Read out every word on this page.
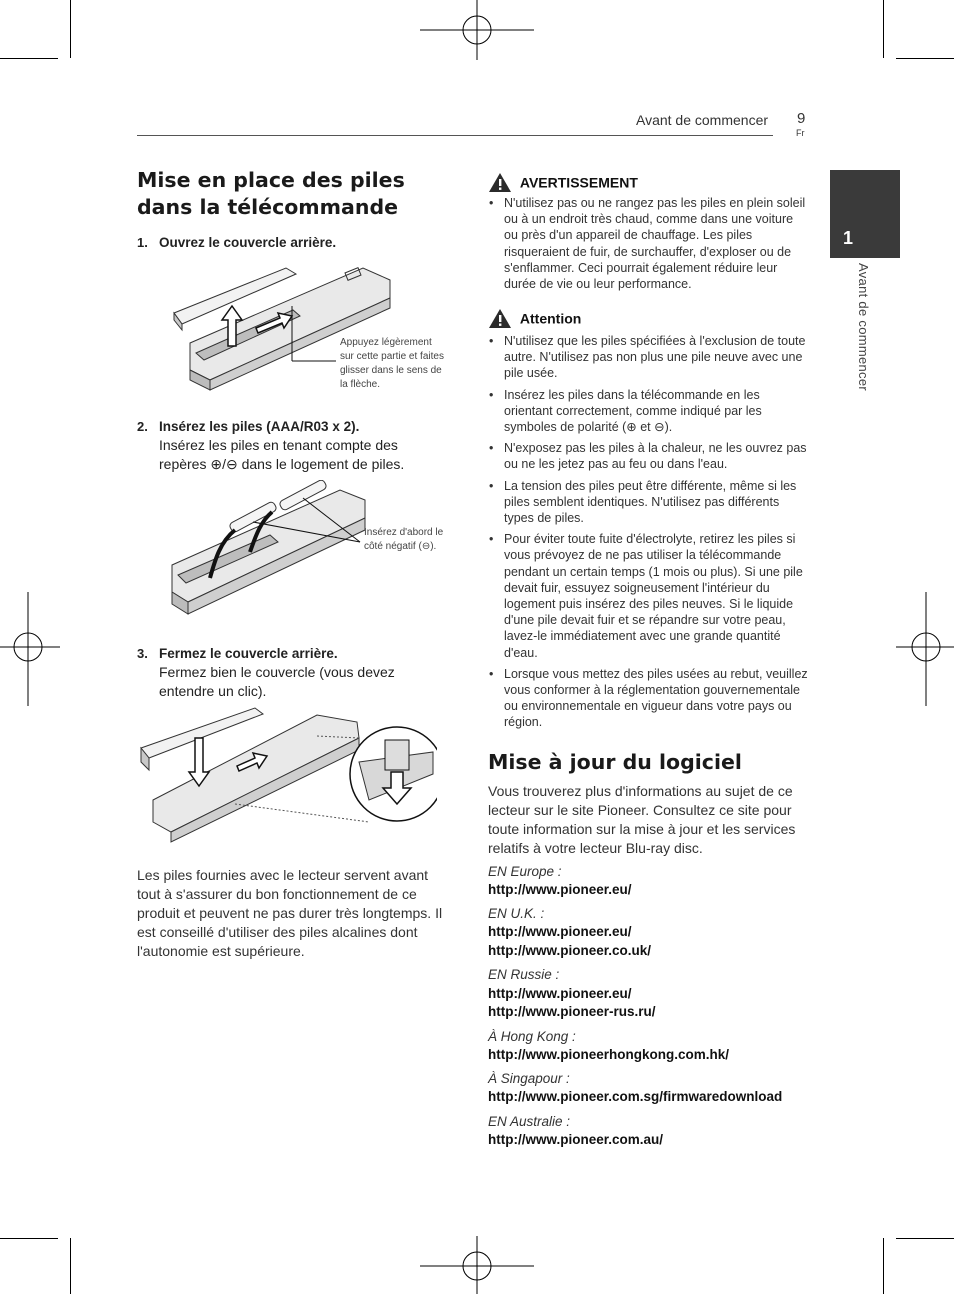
Avant de commencer 9
Fr
1
Avant de commencer
Mise en place des piles dans la télécommande
1. Ouvrez le couvercle arrière.
Appuyez légèrement sur cette partie et faites glisser dans le sens de la flèche.
2. Insérez les piles (AAA/R03 x 2).
Insérez les piles en tenant compte des repères ⊕/⊖ dans le logement de piles.
Insérez d'abord le côté négatif (⊖).
3. Fermez le couvercle arrière.
Fermez bien le couvercle (vous devez entendre un clic).
Les piles fournies avec le lecteur servent avant tout à s'assurer du bon fonctionnement de ce produit et peuvent ne pas durer très longtemps. Il est conseillé d'utiliser des piles alcalines dont l'autonomie est supérieure.
AVERTISSEMENT
• N'utilisez pas ou ne rangez pas les piles en plein soleil ou à un endroit très chaud, comme dans une voiture ou près d'un appareil de chauffage. Les piles risqueraient de fuir, de surchauffer, d'exploser ou de s'enflammer. Ceci pourrait également réduire leur durée de vie ou leur performance.
Attention
• N'utilisez que les piles spécifiées à l'exclusion de toute autre. N'utilisez pas non plus une pile neuve avec une pile usée.
• Insérez les piles dans la télécommande en les orientant correctement, comme indiqué par les symboles de polarité (⊕ et ⊖).
• N'exposez pas les piles à la chaleur, ne les ouvrez pas ou ne les jetez pas au feu ou dans l'eau.
• La tension des piles peut être différente, même si les piles semblent identiques. N'utilisez pas différents types de piles.
• Pour éviter toute fuite d'électrolyte, retirez les piles si vous prévoyez de ne pas utiliser la télécommande pendant un certain temps (1 mois ou plus). Si une pile devait fuir, essuyez soigneusement l'intérieur du logement puis insérez des piles neuves. Si le liquide d'une pile devait fuir et se répandre sur votre peau, lavez-le immédiatement avec une grande quantité d'eau.
• Lorsque vous mettez des piles usées au rebut, veuillez vous conformer à la réglementation gouvernementale ou environnementale en vigueur dans votre pays ou région.
Mise à jour du logiciel
Vous trouverez plus d'informations au sujet de ce lecteur sur le site Pioneer. Consultez ce site pour toute information sur la mise à jour et les services relatifs à votre lecteur Blu-ray disc.
EN Europe :
http://www.pioneer.eu/
EN U.K. :
http://www.pioneer.eu/
http://www.pioneer.co.uk/
EN Russie :
http://www.pioneer.eu/
http://www.pioneer-rus.ru/
À Hong Kong :
http://www.pioneerhongkong.com.hk/
À Singapour :
http://www.pioneer.com.sg/firmwaredownload
EN Australie :
http://www.pioneer.com.au/
